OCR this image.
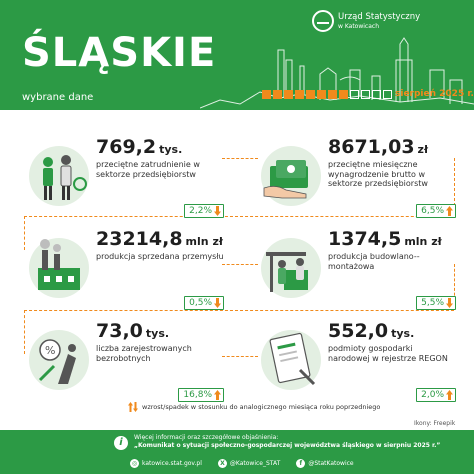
ŚLĄSKIE
wybrane dane
Urząd Statystyczny
w Katowicach
sierpień 2025 r.
769,2 tys.
przeciętne zatrudnienie w sektorze przedsiębiorstw
2,2%
8671,03 zł
przeciętne miesięczne wynagrodzenie brutto w sektorze przedsiębiorstw
6,5%
23214,8 mln zł
produkcja sprzedana przemysłu
0,5%
1374,5 mln zł
produkcja budowlano--montażowa
5,5%
%
73,0 tys.
liczba zarejestrowanych bezrobotnych
16,8%
552,0 tys.
podmioty gospodarki narodowej w rejestrze REGON
2,0%
wzrost/spadek w stosunku do analogicznego miesiąca roku poprzedniego
Ikony: Freepik
i	Więcej informacji oraz szczegółowe objaśnienia:
„Komunikat o sytuacji społeczno-gospodarczej województwa śląskiego w sierpniu 2025 r.”
◎ katowice.stat.gov.pl	X @Katowice_STAT	f	@StatKatowice
